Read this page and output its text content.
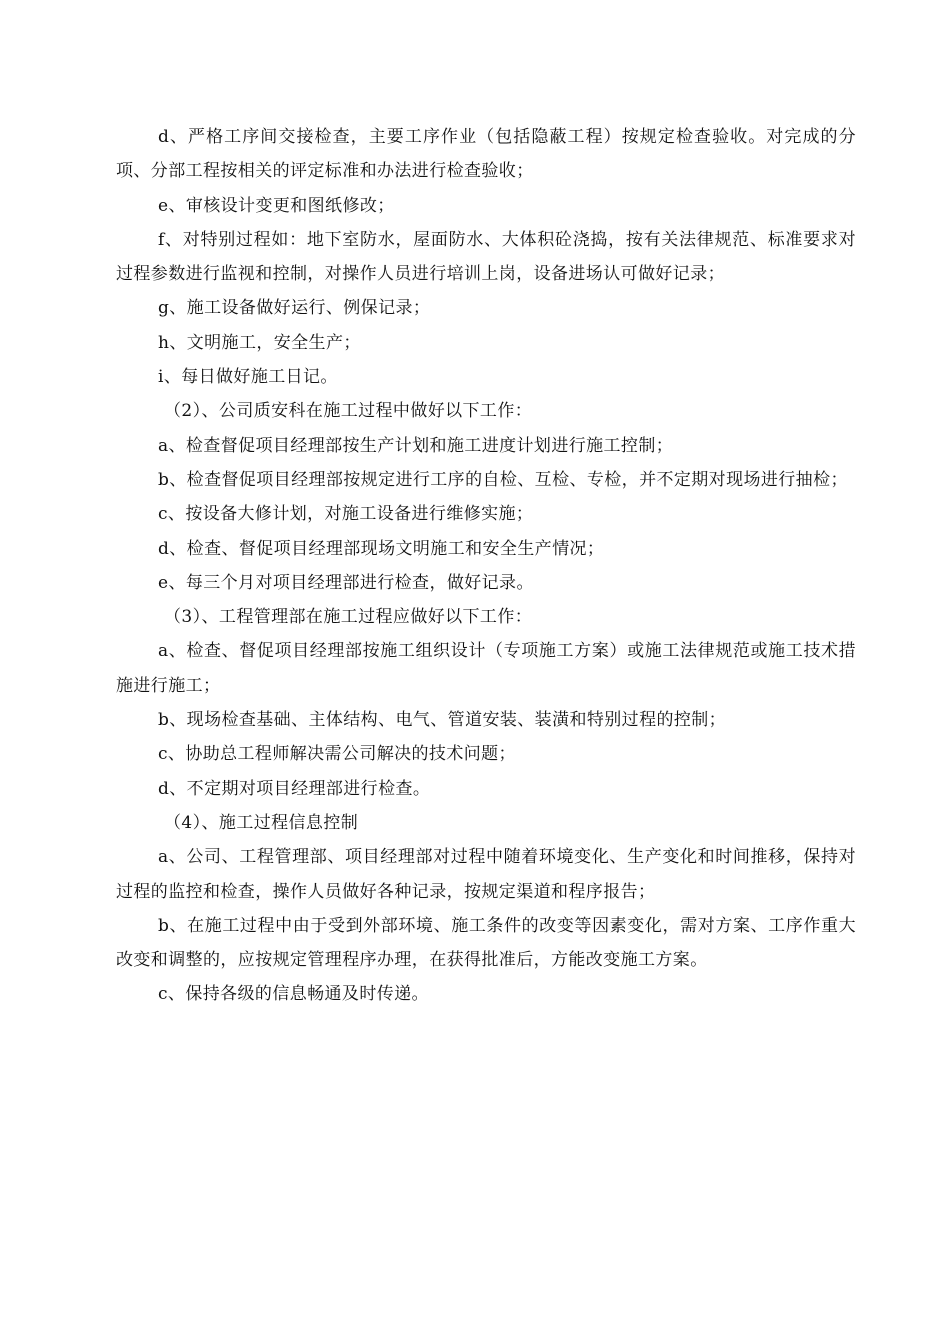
d、严格工序间交接检查，主要工序作业（包括隐蔽工程）按规定检查验收。对完成的分项、分部工程按相关的评定标准和办法进行检查验收；

e、审核设计变更和图纸修改；

f、对特别过程如：地下室防水，屋面防水、大体积砼浇捣，按有关法律规范、标准要求对过程参数进行监视和控制，对操作人员进行培训上岗，设备进场认可做好记录；

g、施工设备做好运行、例保记录；

h、文明施工，安全生产；

i、每日做好施工日记。

（2）、公司质安科在施工过程中做好以下工作：

a、检查督促项目经理部按生产计划和施工进度计划进行施工控制；

b、检查督促项目经理部按规定进行工序的自检、互检、专检，并不定期对现场进行抽检；

c、按设备大修计划，对施工设备进行维修实施；

d、检查、督促项目经理部现场文明施工和安全生产情况；

e、每三个月对项目经理部进行检查，做好记录。

（3）、工程管理部在施工过程应做好以下工作：

a、检查、督促项目经理部按施工组织设计（专项施工方案）或施工法律规范或施工技术措施进行施工；

b、现场检查基础、主体结构、电气、管道安装、装潢和特别过程的控制；

c、协助总工程师解决需公司解决的技术问题；

d、不定期对项目经理部进行检查。

（4）、施工过程信息控制

a、公司、工程管理部、项目经理部对过程中随着环境变化、生产变化和时间推移，保持对过程的监控和检查，操作人员做好各种记录，按规定渠道和程序报告；

b、在施工过程中由于受到外部环境、施工条件的改变等因素变化，需对方案、工序作重大改变和调整的，应按规定管理程序办理，在获得批准后，方能改变施工方案。

c、保持各级的信息畅通及时传递。
